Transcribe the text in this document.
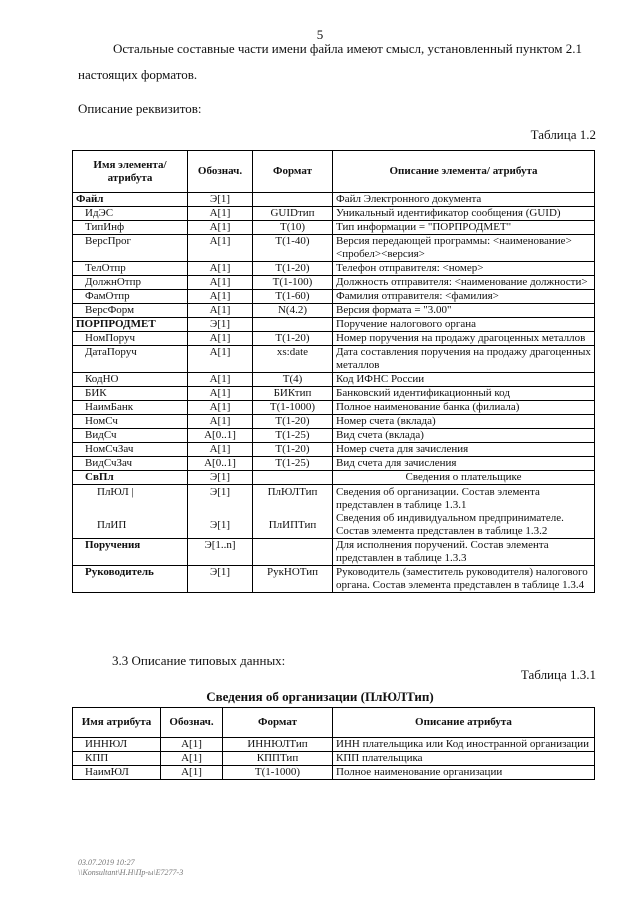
5
Остальные составные части имени файла имеют смысл, установленный пунктом 2.1
настоящих форматов.
Описание реквизитов:
Таблица 1.2
Имя элемента/атрибута	Обознач.	Формат	Описание элемента/ атрибута
Файл	Э[1]		Файл Электронного документа
ИдЭС	А[1]	GUIDтип	Уникальный идентификатор сообщения (GUID)
ТипИнф	А[1]	Т(10)	Тип информации = "ПОРПРОДМЕТ"
ВерсПрог	А[1]	Т(1-40)	Версия передающей программы: <наименование><пробел><версия>
ТелОтпр	А[1]	Т(1-20)	Телефон отправителя: <номер>
ДолжнОтпр	А[1]	Т(1-100)	Должность отправителя: <наименование должности>
ФамОтпр	А[1]	Т(1-60)	Фамилия отправителя: <фамилия>
ВерсФорм	А[1]	N(4.2)	Версия формата = "3.00"
ПОРПРОДМЕТ	Э[1]		Поручение налогового органа
НомПоруч	А[1]	Т(1-20)	Номер поручения на продажу драгоценных металлов
ДатаПоруч	А[1]	xs:date	Дата составления поручения на продажу драгоценных металлов
КодНО	А[1]	Т(4)	Код ИФНС России
БИК	А[1]	БИКтип	Банковский идентификационный код
НаимБанк	А[1]	Т(1-1000)	Полное наименование банка (филиала)
НомСч	А[1]	Т(1-20)	Номер счета (вклада)
ВидСч	А[0..1]	Т(1-25)	Вид счета (вклада)
НомСчЗач	А[1]	Т(1-20)	Номер счета для зачисления
ВидСчЗач	А[0..1]	Т(1-25)	Вид счета для зачисления
СвПл	Э[1]		Сведения о плательщике
ПлЮЛ |	Э[1]	ПлЮЛТип	Сведения об организации. Состав элемента представлен в таблице 1.3.1
ПлИП	Э[1]	ПлИПТип	Сведения об индивидуальном предпринимателе. Состав элемента представлен в таблице 1.3.2
Поручения	Э[1..n]		Для исполнения поручений. Состав элемента представлен в таблице 1.3.3
Руководитель	Э[1]	РукНОТип	Руководитель (заместитель руководителя) налогового органа. Состав элемента представлен в таблице 1.3.4
3.3 Описание типовых данных:
Таблица 1.3.1
Сведения об организации (ПлЮЛТип)
Имя атрибута	Обознач.	Формат	Описание атрибута
ИННЮЛ	А[1]	ИННЮЛТип	ИНН плательщика или Код иностранной организации
КПП	А[1]	КППТип	КПП плательщика
НаимЮЛ	А[1]	Т(1-1000)	Полное наименование организации
03.07.2019 10:27
\\Konsultant\Н.Н\Пр-ы\Е7277-3
